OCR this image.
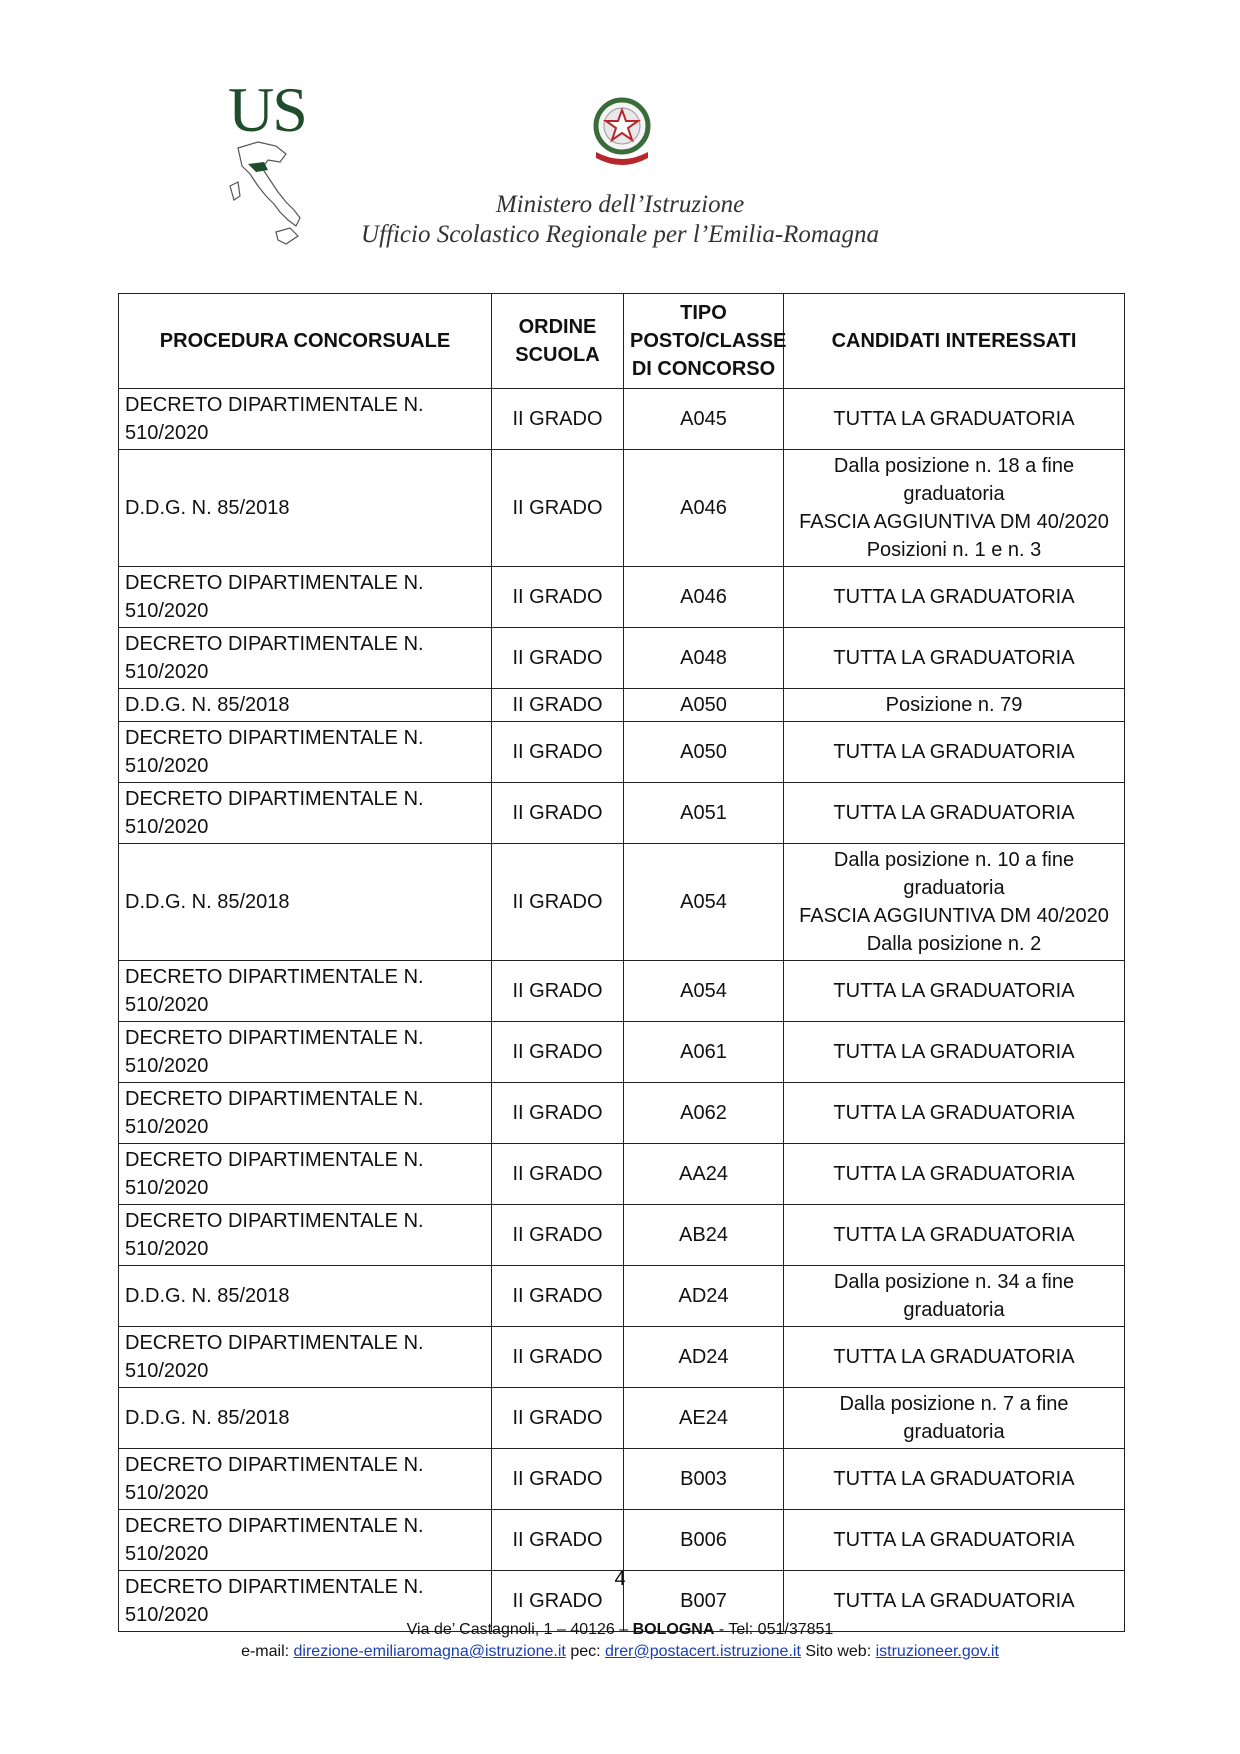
US
Ministero dell’Istruzione
Ufficio Scolastico Regionale per l’Emilia-Romagna
PROCEDURA CONCORSUALE	ORDINE SCUOLA	TIPO POSTO/CLASSE DI CONCORSO	CANDIDATI INTERESSATI
DECRETO DIPARTIMENTALE N. 510/2020	II GRADO	A045	TUTTA LA GRADUATORIA

D.D.G. N. 85/2018	II GRADO	A046	Dalla posizione n. 18 a fine graduatoria
FASCIA AGGIUNTIVA DM 40/2020
Posizioni n. 1 e n. 3

DECRETO DIPARTIMENTALE N. 510/2020	II GRADO	A046	TUTTA LA GRADUATORIA

DECRETO DIPARTIMENTALE N. 510/2020	II GRADO	A048	TUTTA LA GRADUATORIA

D.D.G. N. 85/2018	II GRADO	A050	Posizione n. 79

DECRETO DIPARTIMENTALE N. 510/2020	II GRADO	A050	TUTTA LA GRADUATORIA

DECRETO DIPARTIMENTALE N. 510/2020	II GRADO	A051	TUTTA LA GRADUATORIA

D.D.G. N. 85/2018	II GRADO	A054	Dalla posizione n. 10 a fine graduatoria
FASCIA AGGIUNTIVA DM 40/2020
Dalla posizione n. 2

DECRETO DIPARTIMENTALE N. 510/2020	II GRADO	A054	TUTTA LA GRADUATORIA

DECRETO DIPARTIMENTALE N. 510/2020	II GRADO	A061	TUTTA LA GRADUATORIA

DECRETO DIPARTIMENTALE N. 510/2020	II GRADO	A062	TUTTA LA GRADUATORIA

DECRETO DIPARTIMENTALE N. 510/2020	II GRADO	AA24	TUTTA LA GRADUATORIA

DECRETO DIPARTIMENTALE N. 510/2020	II GRADO	AB24	TUTTA LA GRADUATORIA

D.D.G. N. 85/2018	II GRADO	AD24	Dalla posizione n. 34 a fine graduatoria

DECRETO DIPARTIMENTALE N. 510/2020	II GRADO	AD24	TUTTA LA GRADUATORIA

D.D.G. N. 85/2018	II GRADO	AE24	Dalla posizione n. 7 a fine graduatoria

DECRETO DIPARTIMENTALE N. 510/2020	II GRADO	B003	TUTTA LA GRADUATORIA

DECRETO DIPARTIMENTALE N. 510/2020	II GRADO	B006	TUTTA LA GRADUATORIA

DECRETO DIPARTIMENTALE N. 510/2020	II GRADO	B007	TUTTA LA GRADUATORIA
4
Via de’ Castagnoli, 1 – 40126 – BOLOGNA - Tel: 051/37851
e-mail: direzione-emiliaromagna@istruzione.it pec: drer@postacert.istruzione.it Sito web: istruzioneer.gov.it
